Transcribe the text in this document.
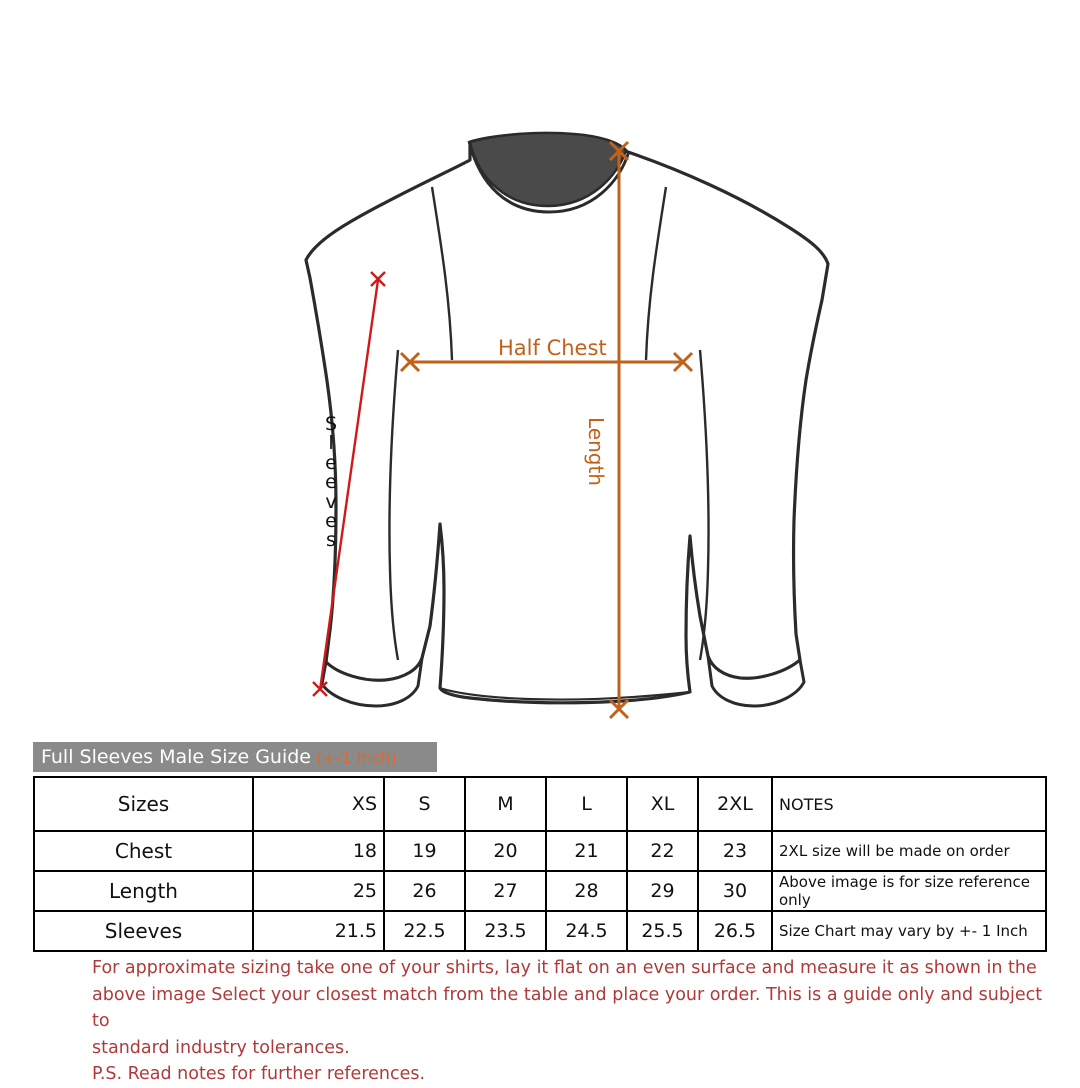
Half Chest
Length
S
l
e
e
v
e
s
Full Sleeves Male Size Guide (+-1 Inch)
Sizes	XS	S	M	L	XL	2XL	NOTES
Chest	18	19	20	21	22	23	2XL size will be made on order
Length	25	26	27	28	29	30	Above image is for size reference only
Sleeves	21.5	22.5	23.5	24.5	25.5	26.5	Size Chart may vary by +- 1 Inch

For approximate sizing take one of your shirts, lay it flat on an even surface and measure it as shown in the

above image Select your closest match from the table and place your order. This is a guide only and subject to

standard industry tolerances.

P.S. Read notes for further references.
